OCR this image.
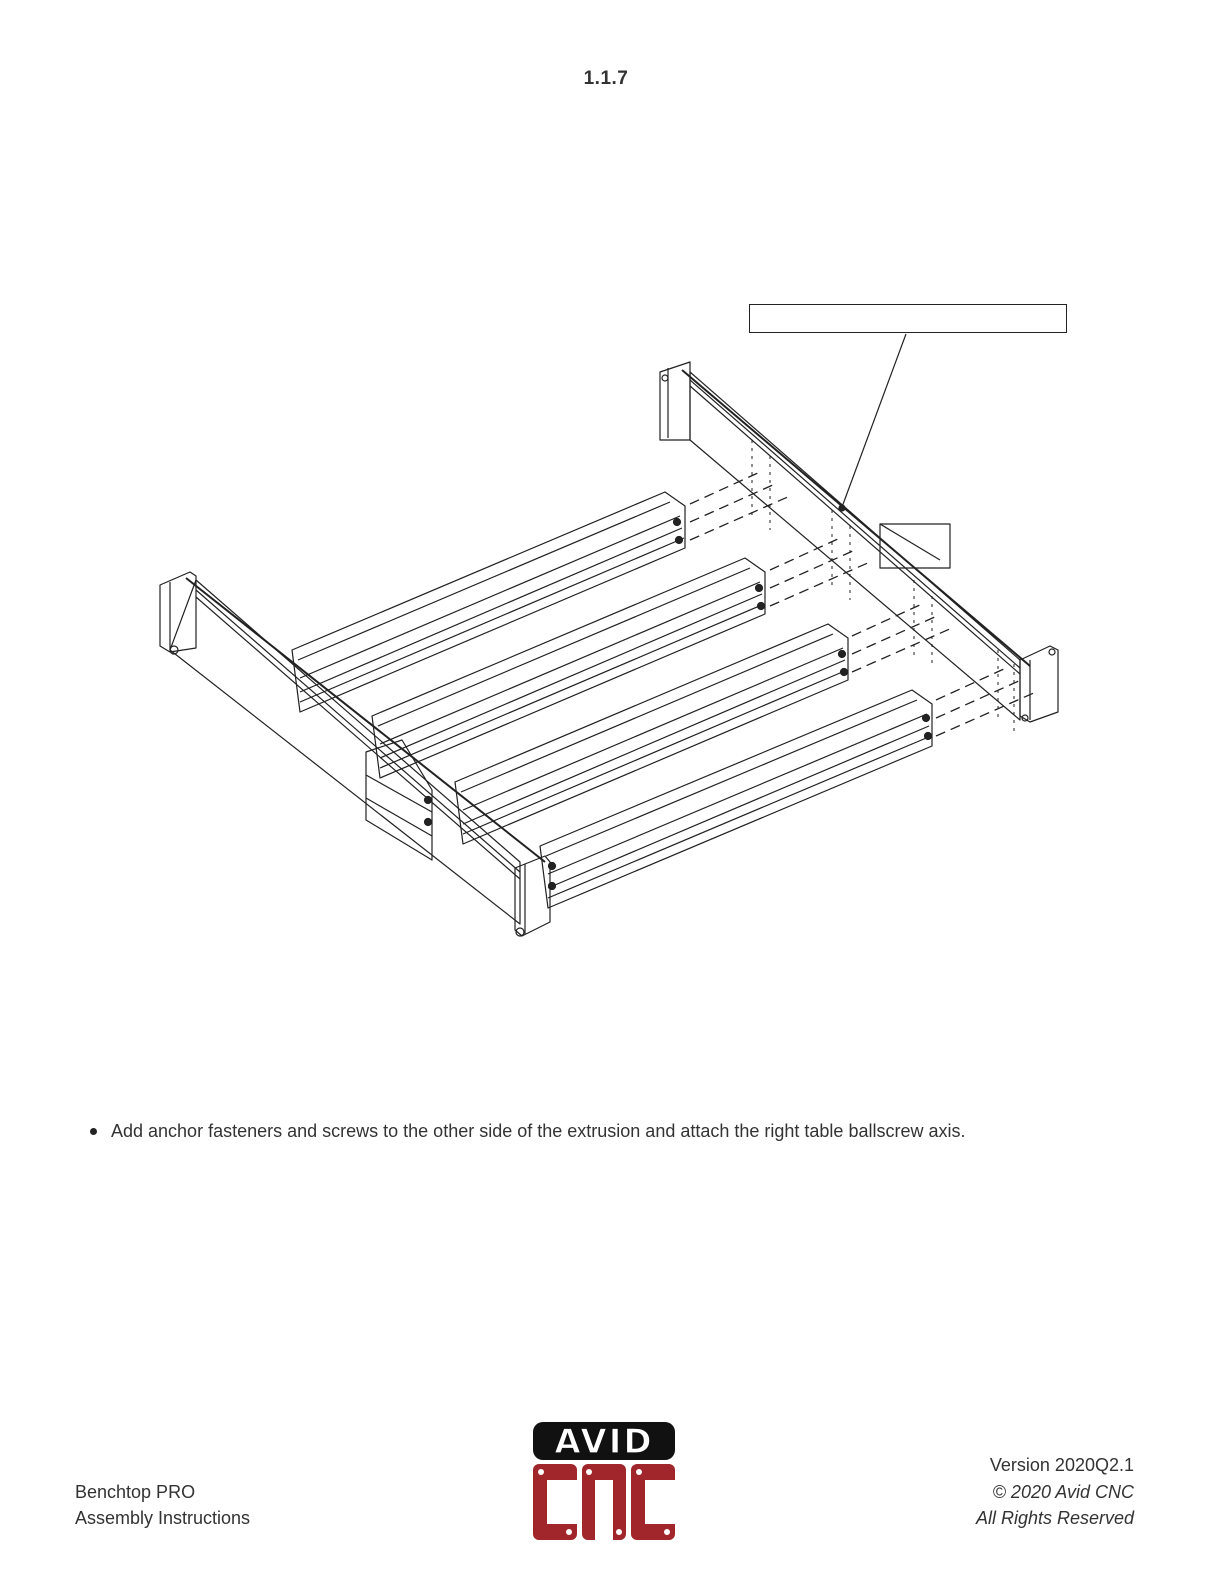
1.1.7
Add anchor fasteners and screws to the other side of the extrusion and attach the right table ballscrew axis.
Benchtop PRO
Assembly Instructions
AVID
CNC
Version 2020Q2.1
© 2020 Avid CNC
All Rights Reserved
